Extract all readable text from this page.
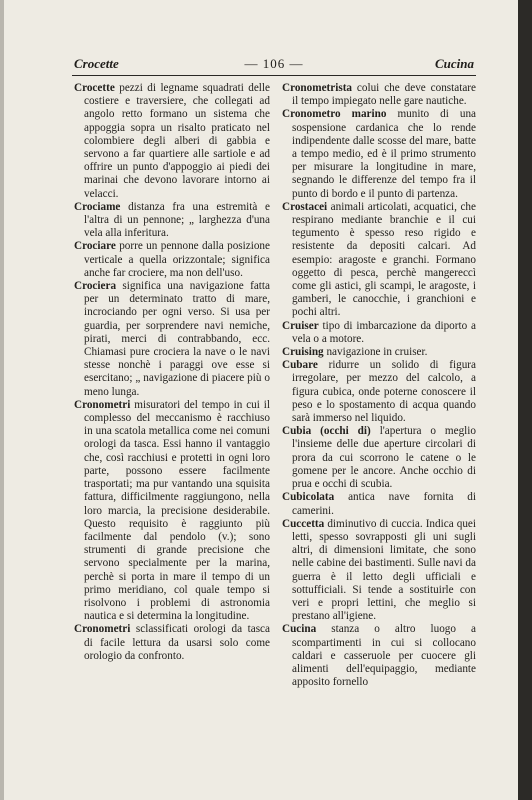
Crocette	— 106 —	Cucina

Crocette pezzi di legname squadrati delle costiere e traversiere, che collegati ad angolo retto formano un sistema che appoggia sopra un risalto praticato nel colombiere degli alberi di gabbia e servono a far quartiere alle sartiole e ad offrire un punto d'appoggio ai piedi dei marinai che devono lavorare intorno ai velacci.

Crociame distanza fra una estremità e l'altra di un pennone; „ larghezza d'una vela alla inferitura.

Crociare porre un pennone dalla posizione verticale a quella orizzontale; significa anche far crociere, ma non dell'uso.

Crociera significa una navigazione fatta per un determinato tratto di mare, incrociando per ogni verso. Si usa per guardia, per sorprendere navi nemiche, pirati, merci di contrabbando, ecc. Chiamasi pure crociera la nave o le navi stesse nonchè i paraggi ove esse si esercitano; „ navigazione di piacere più o meno lunga.

Cronometri misuratori del tempo in cui il complesso del meccanismo è racchiuso in una scatola metallica come nei comuni orologi da tasca. Essi hanno il vantaggio che, così racchiusi e protetti in ogni loro parte, possono essere facilmente trasportati; ma pur vantando una squisita fattura, difficilmente raggiungono, nella loro marcia, la precisione desiderabile. Questo requisito è raggiunto più facilmente dal pendolo (v.); sono strumenti di grande precisione che servono specialmente per la marina, perchè si porta in mare il tempo di un primo meridiano, col quale tempo si risolvono i problemi di astronomia nautica e si determina la longitudine.

Cronometri sclassificati orologi da tasca di facile lettura da usarsi solo come orologio da confronto.

Cronometrista colui che deve constatare il tempo impiegato nelle gare nautiche.

Cronometro marino munito di una sospensione cardanica che lo rende indipendente dalle scosse del mare, batte a tempo medio, ed è il primo strumento per misurare la longitudine in mare, segnando le differenze del tempo fra il punto di bordo e il punto di partenza.

Crostacei animali articolati, acquatici, che respirano mediante branchie e il cui tegumento è spesso reso rigido e resistente da depositi calcari. Ad esempio: aragoste e granchi. Formano oggetto di pesca, perchè mangereccì come gli astici, gli scampi, le aragoste, i gamberi, le canocchie, i granchioni e pochi altri.

Cruiser tipo di imbarcazione da diporto a vela o a motore.

Cruising navigazione in cruiser.

Cubare ridurre un solido di figura irregolare, per mezzo del calcolo, a figura cubica, onde poterne conoscere il peso e lo spostamento di acqua quando sarà immerso nel liquido.

Cubia (occhi di) l'apertura o meglio l'insieme delle due aperture circolari di prora da cui scorrono le catene o le gomene per le ancore. Anche occhio di prua e occhi di scubia.

Cubicolata antica nave fornita di camerini.

Cuccetta diminutivo di cuccia. Indica quei letti, spesso sovrapposti gli uni sugli altri, di dimensioni limitate, che sono nelle cabine dei bastimenti. Sulle navi da guerra è il letto degli ufficiali e sottufficiali. Si tende a sostituirle con veri e propri lettini, che meglio si prestano all'igiene.

Cucina stanza o altro luogo a scompartimenti in cui si collocano caldari e casseruole per cuocere gli alimenti dell'equipaggio, mediante apposito fornello
